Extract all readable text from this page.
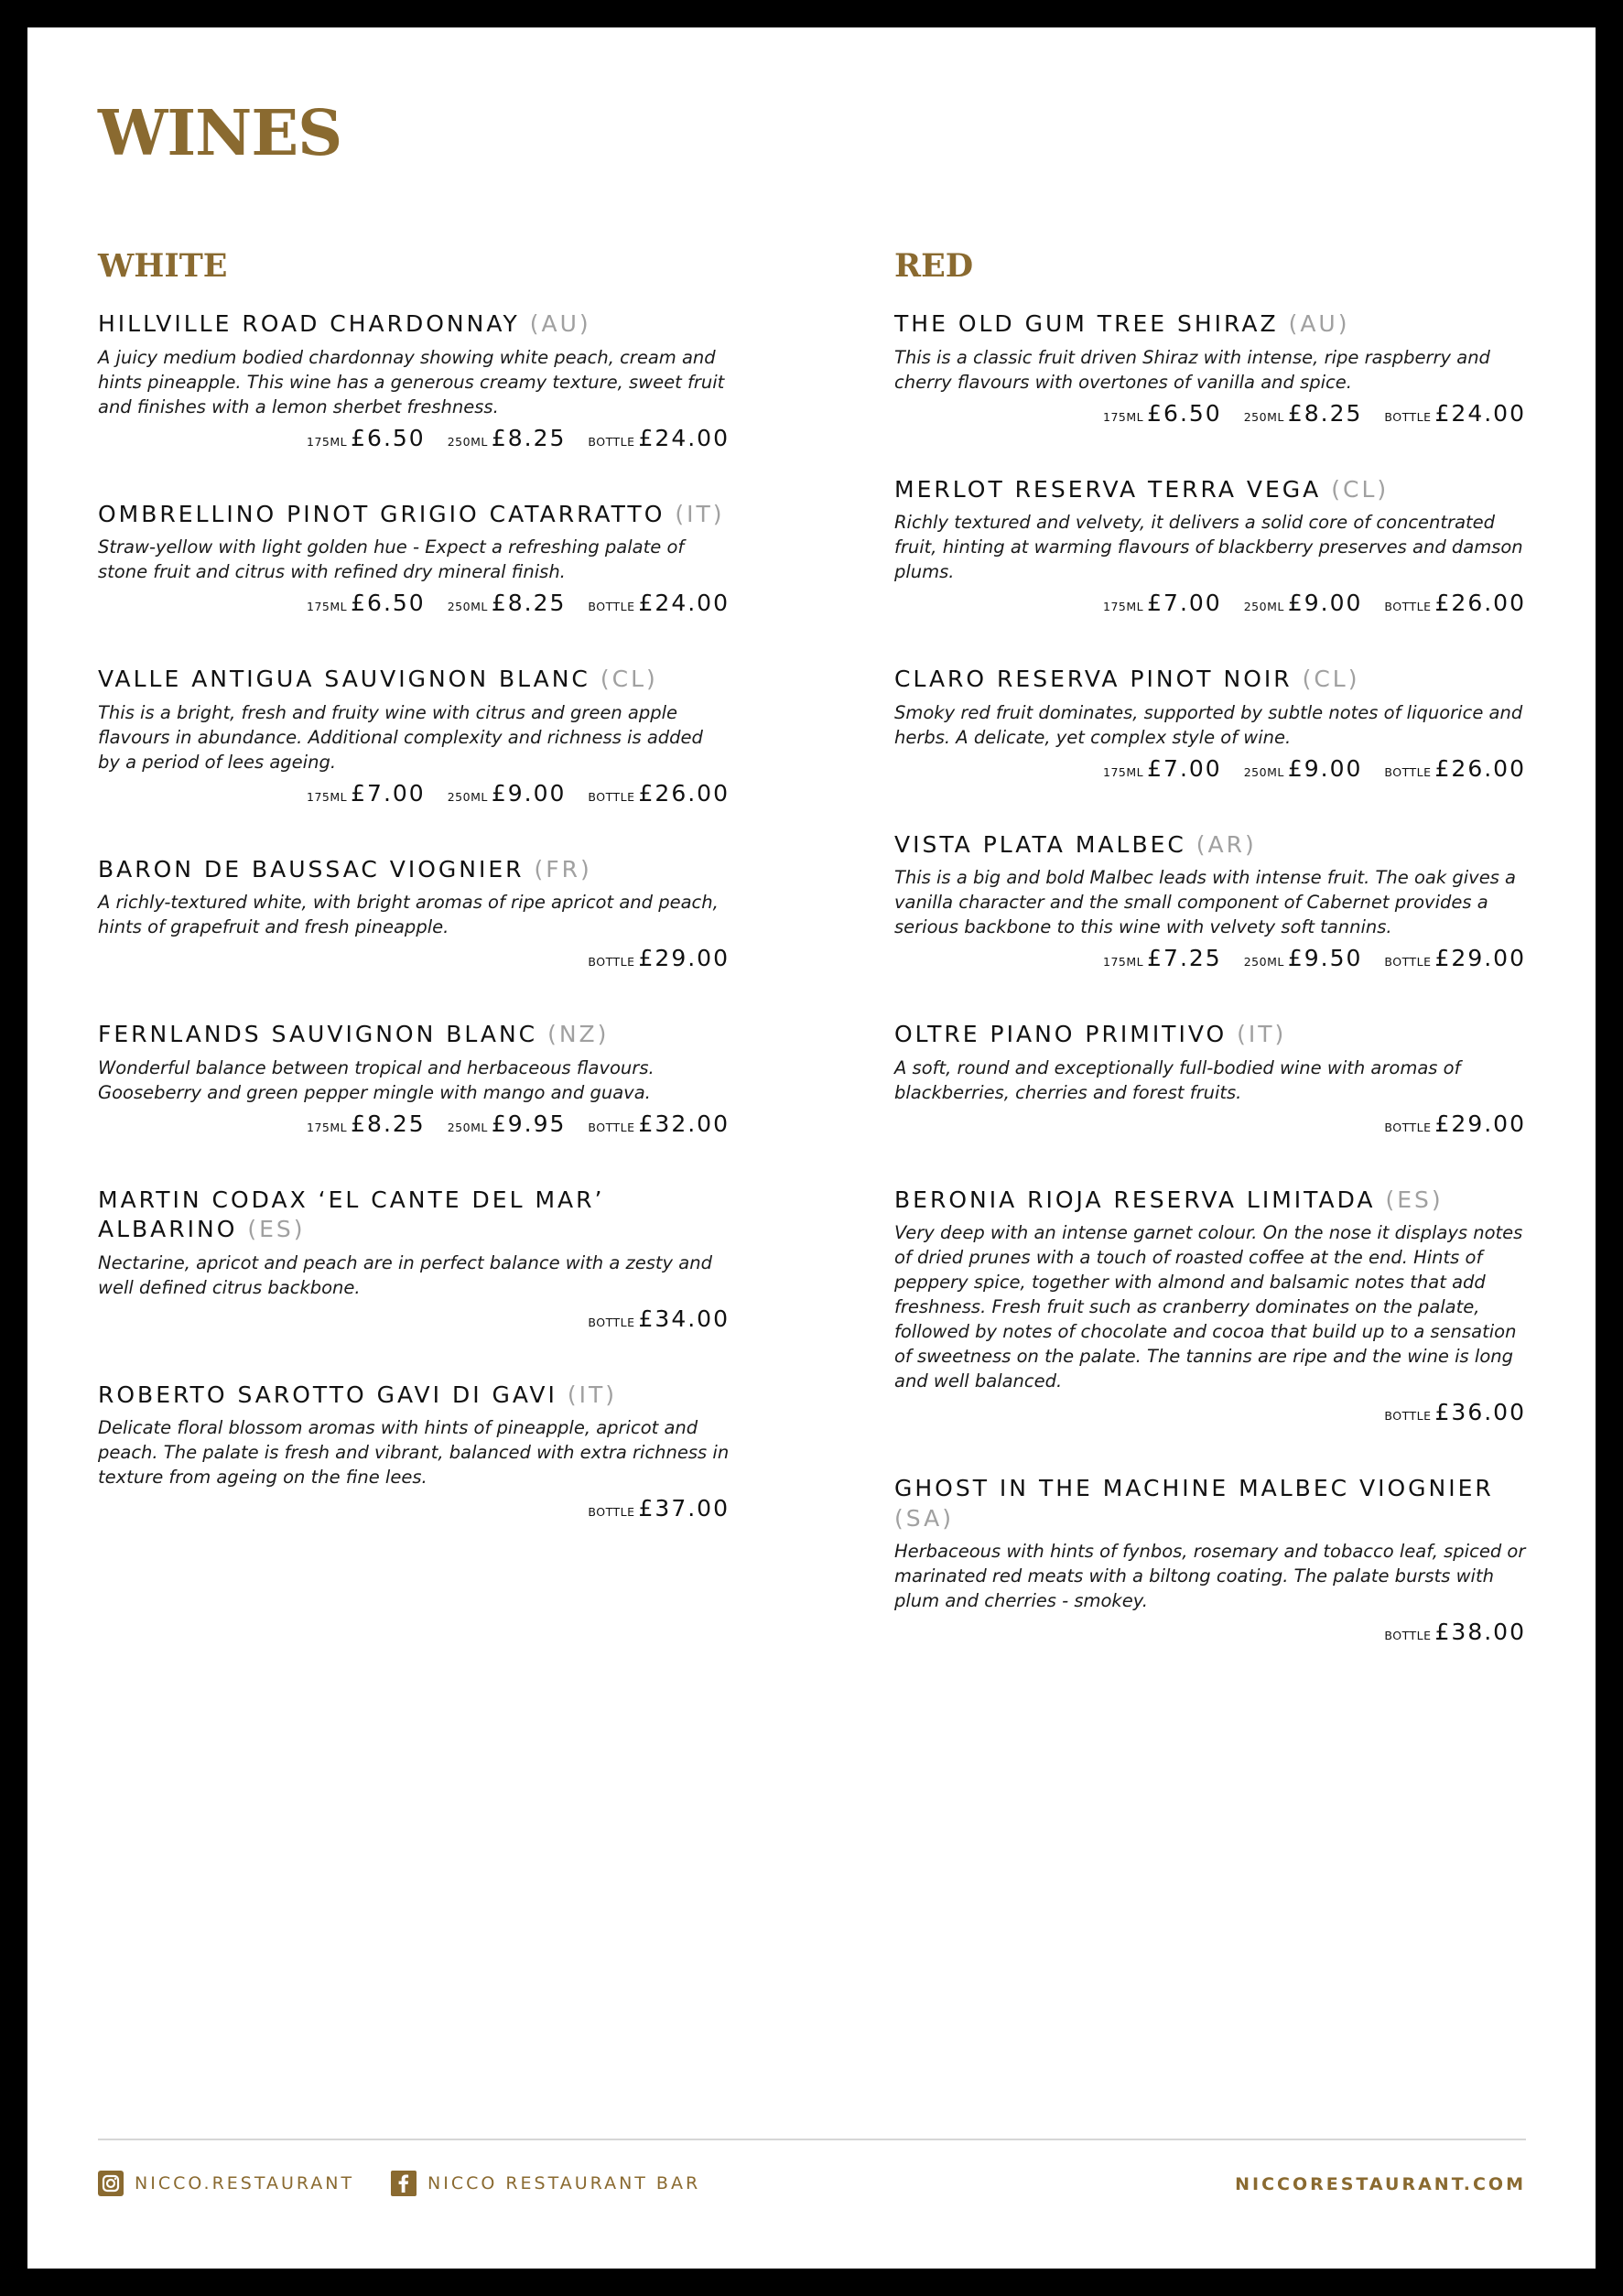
WINES
WHITE
HILLVILLE ROAD CHARDONNAY (AU)

A juicy medium bodied chardonnay showing white peach, cream and hints pineapple. This wine has a generous creamy texture, sweet fruit and finishes with a lemon sherbet freshness.

175ML £6.50 250ML £8.25 BOTTLE £24.00
OMBRELLINO PINOT GRIGIO CATARRATTO (IT)

Straw-yellow with light golden hue - Expect a refreshing palate of stone fruit and citrus with refined dry mineral finish.

175ML £6.50 250ML £8.25 BOTTLE £24.00
VALLE ANTIGUA SAUVIGNON BLANC (CL)

This is a bright, fresh and fruity wine with citrus and green apple flavours in abundance. Additional complexity and richness is added by a period of lees ageing.

175ML £7.00 250ML £9.00 BOTTLE £26.00
BARON DE BAUSSAC VIOGNIER (FR)

A richly-textured white, with bright aromas of ripe apricot and peach, hints of grapefruit and fresh pineapple.

BOTTLE £29.00
FERNLANDS SAUVIGNON BLANC (NZ)

Wonderful balance between tropical and herbaceous flavours. Gooseberry and green pepper mingle with mango and guava.

175ML £8.25 250ML £9.95 BOTTLE £32.00
MARTIN CODAX ‘EL CANTE DEL MAR’ ALBARINO (ES)

Nectarine, apricot and peach are in perfect balance with a zesty and well defined citrus backbone.

BOTTLE £34.00
ROBERTO SAROTTO GAVI DI GAVI (IT)

Delicate floral blossom aromas with hints of pineapple, apricot and peach. The palate is fresh and vibrant, balanced with extra richness in texture from ageing on the fine lees.

BOTTLE £37.00
RED
THE OLD GUM TREE SHIRAZ (AU)

This is a classic fruit driven Shiraz with intense, ripe raspberry and cherry flavours with overtones of vanilla and spice.

175ML £6.50 250ML £8.25 BOTTLE £24.00
MERLOT RESERVA TERRA VEGA (CL)

Richly textured and velvety, it delivers a solid core of concentrated fruit, hinting at warming flavours of blackberry preserves and damson plums.

175ML £7.00 250ML £9.00 BOTTLE £26.00
CLARO RESERVA PINOT NOIR (CL)

Smoky red fruit dominates, supported by subtle notes of liquorice and herbs. A delicate, yet complex style of wine.

175ML £7.00 250ML £9.00 BOTTLE £26.00
VISTA PLATA MALBEC (AR)

This is a big and bold Malbec leads with intense fruit. The oak gives a vanilla character and the small component of Cabernet provides a serious backbone to this wine with velvety soft tannins.

175ML £7.25 250ML £9.50 BOTTLE £29.00
OLTRE PIANO PRIMITIVO (IT)

A soft, round and exceptionally full-bodied wine with aromas of blackberries, cherries and forest fruits.

BOTTLE £29.00
BERONIA RIOJA RESERVA LIMITADA (ES)

Very deep with an intense garnet colour. On the nose it displays notes of dried prunes with a touch of roasted coffee at the end. Hints of peppery spice, together with almond and balsamic notes that add freshness. Fresh fruit such as cranberry dominates on the palate, followed by notes of chocolate and cocoa that build up to a sensation of sweetness on the palate. The tannins are ripe and the wine is long and well balanced.

BOTTLE £36.00
GHOST IN THE MACHINE MALBEC VIOGNIER (SA)

Herbaceous with hints of fynbos, rosemary and tobacco leaf, spiced or marinated red meats with a biltong coating. The palate bursts with plum and cherries - smokey.

BOTTLE £38.00
NICCO.RESTAURANT	NICCO RESTAURANT BAR	NICCORESTAURANT.COM
